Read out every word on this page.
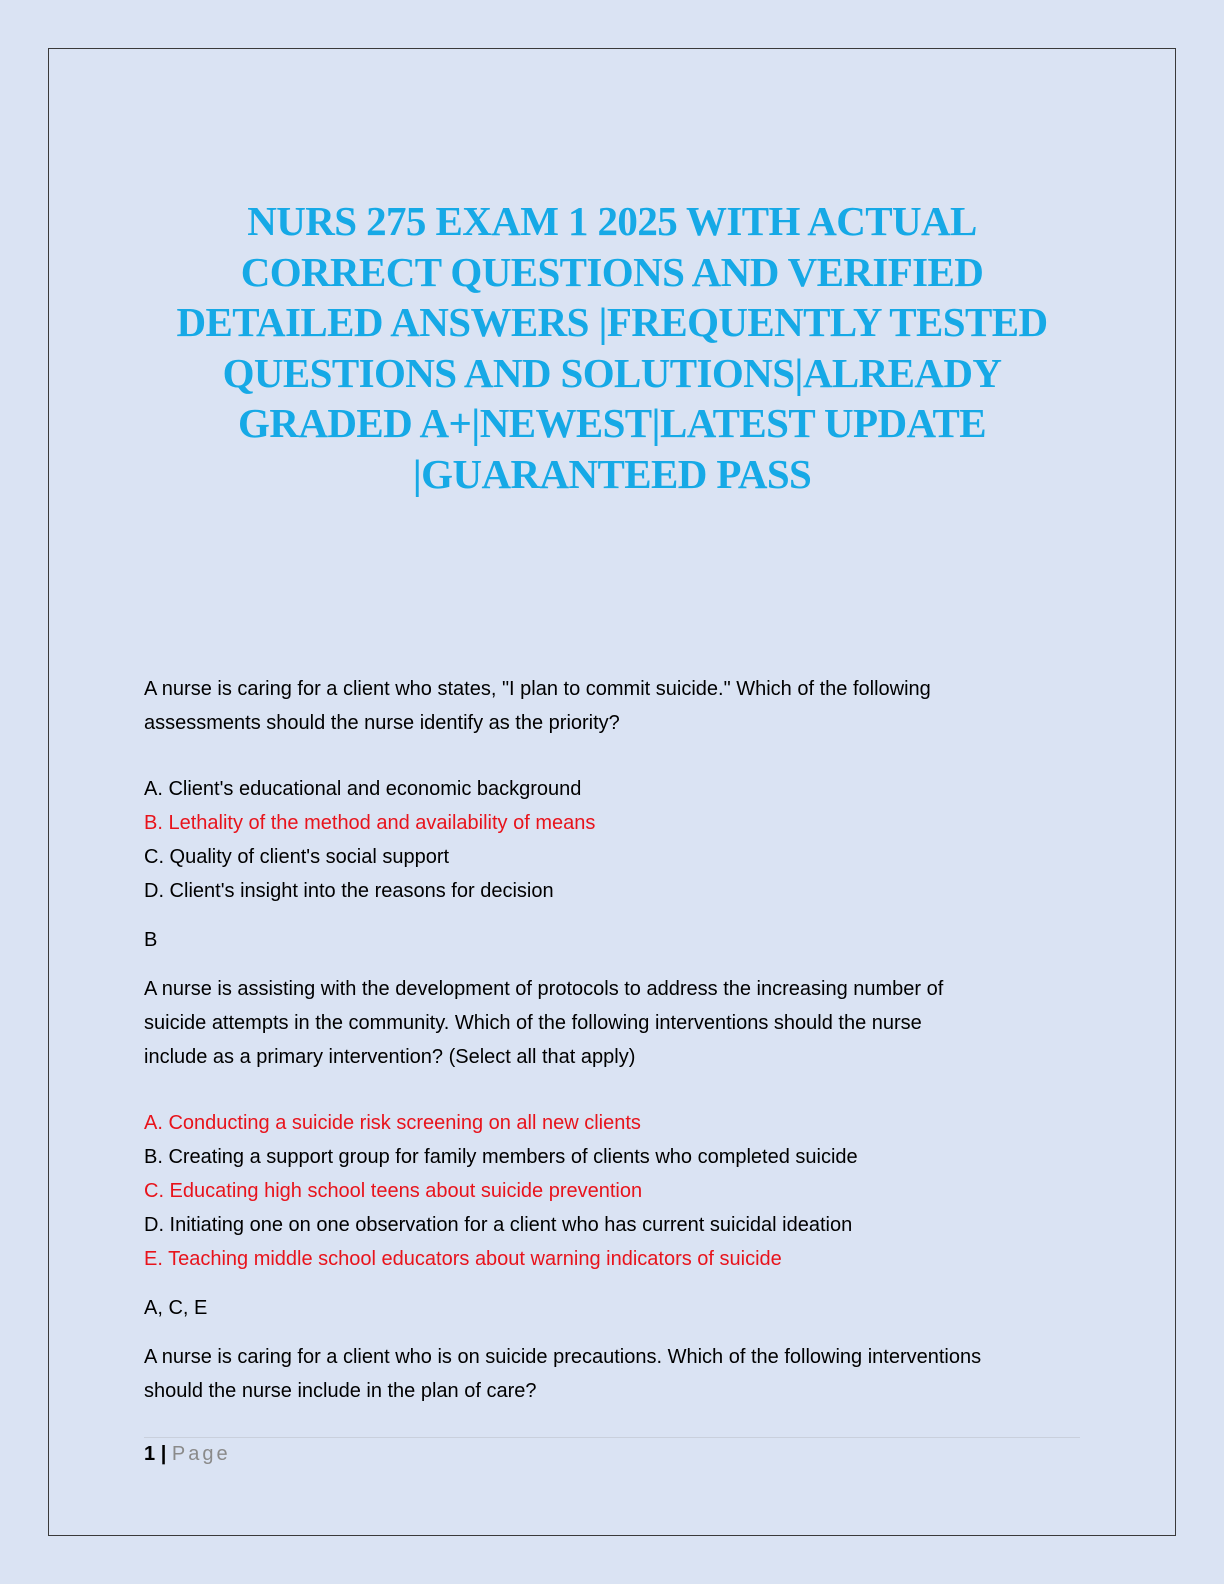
NURS 275 EXAM 1 2025 WITH ACTUAL
CORRECT QUESTIONS AND VERIFIED
DETAILED ANSWERS |FREQUENTLY TESTED
QUESTIONS AND SOLUTIONS|ALREADY
GRADED A+|NEWEST|LATEST UPDATE
|GUARANTEED PASS

A nurse is caring for a client who states, "I plan to commit suicide." Which of the following
assessments should the nurse identify as the priority?

A. Client's educational and economic background
B. Lethality of the method and availability of means
C. Quality of client's social support
D. Client's insight into the reasons for decision

B

A nurse is assisting with the development of protocols to address the increasing number of
suicide attempts in the community. Which of the following interventions should the nurse
include as a primary intervention? (Select all that apply)

A. Conducting a suicide risk screening on all new clients
B. Creating a support group for family members of clients who completed suicide
C. Educating high school teens about suicide prevention
D. Initiating one on one observation for a client who has current suicidal ideation
E. Teaching middle school educators about warning indicators of suicide

A, C, E

A nurse is caring for a client who is on suicide precautions. Which of the following interventions
should the nurse include in the plan of care?

1 | Page
